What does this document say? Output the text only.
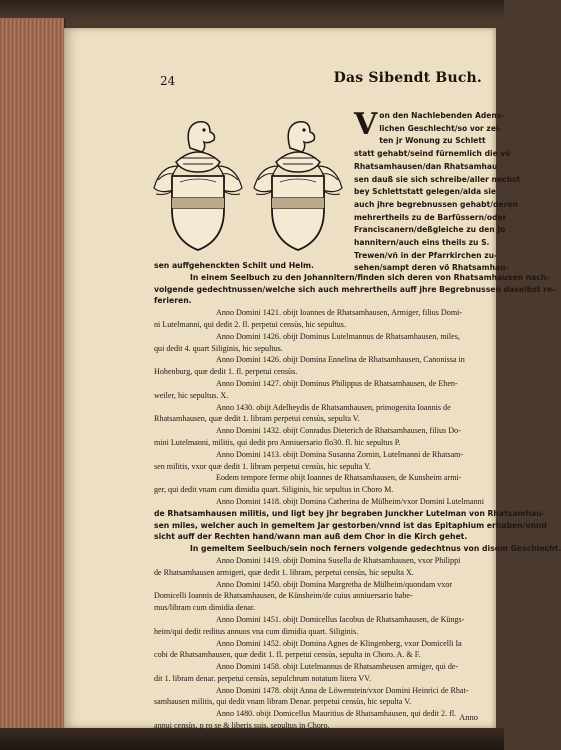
24	Das Sibendt Buch.
V on den Nachlebenden Adens-
lichen Geschlecht/so vor zei-
ten jr Wonung zu Schlett
statt gehabt/seind fürnemlich die vö
Rhatsamhausen/dan Rhatsamhau
sen dauß sie sich schreibe/aller nechst
bey Schlettstatt gelegen/alda sie
auch jhre begrebnussen gehabt/deren
mehrertheils zu de Barfüssern/oder
Franciscanern/deßgleiche zu den Jo
hannitern/auch eins theils zu S.
Trewen/vñ in der Pfarrkirchen zu-
sehen/sampt deren vö Rhatsamhau-
sen auffgehenckten Schilt und Helm.
In einem Seelbuch zu den Johannitern/finden sich deren von Rhatsamhausen nach-
volgende gedechtnussen/welche sich auch mehrertheils auff jhre Begrebnussen daselbst re-
ferieren.
Anno Domini 1421. obijt Ioannes de Rhatsamhausen, Armiger, filius Domi-
ni Lutelmanni, qui dedit 2. fl. perpetui censùs, hic sepultus.
Anno Domini 1426. obijt Dominus Lutelmannus de Rhatsamhausen, miles,
qui dedit 4. quart Siliginis, hic sepultus.
Anno Domini 1426. obijt Domina Ennelina de Rhatsamhausen, Canonissa in
Hohenburg, quæ dedit 1. fl. perpetui censùs.
Anno Domini 1427. obijt Dominus Philippus de Rhatsamhausen, de Ehen-
weiler, hic sepultus. X.
Anno 1430. obijt Adelheydis de Rhatsamhausen, primogenita Ioannis de
Rhatsamhausen, quæ dedit 1. libram perpetui censùs, sepulta V.
Anno Domini 1432. obijt Conradus Dieterich de Rhatsamhausen, filius Do-
mini Lutelmanni, militis, qui dedit pro Anniuersario flo30. fl. hic sepultus P.
Anno Domini 1413. obijt Domina Susanna Zornin, Lutelmanni de Rhatsam-
sen militis, vxor quæ dedit 1. libram perpetui censùs, hic sepulta Y.
Eodem tempore ferme obijt Ioannes de Rhatsamhausen, de Kunsheim armi-
ger, qui dedit vnam cum dimidia quart. Siliginis, hic sepultus in Choro M.
Anno Domini 1418. obijt Domina Catherina de Mülheim/vxor Domini Lutelmanni
de Rhatsamhausen militis, und ligt bey jhr begraben Junckher Lutelman von Rhatsamhau-
sen miles, welcher auch in gemeltem Jar gestorben/vnnd ist das Epitaphium erhaben/vnnd
sicht auff der Rechten hand/wann man auß dem Chor in die Kirch gehet.
In gemeltem Seelbuch/sein noch ferners volgende gedechtnus von disem Geschlecht.
Anno Domini 1419. obijt Domina Susella de Rhatsamhausen, vxor Philippi
de Rhatsamhausen armigeri, quæ dedit 1. libram, perpetui censùs, hic sepulta X.
Anno Domini 1450. obijt Domina Margretha de Mülheim/quondam vxor
Domicelli Ioannis de Rhatsamhausen, de Künsheim/de cuius anniuersario habe-
mus/libram cum dimidia denar.
Anno Domini 1451. obijt Domicellus Iacobus de Rhatsamhausen, de Küngs-
heim/qui dedit reditus annuos vna cum dimidia quart. Siliginis.
Anno Domini 1452. obijt Domina Agnes de Klingenberg, vxor Domicelli Ia
cobi de Rhatsamhausen, quæ dedit 1. fl. perpetui censùs, sepulta in Choro. A. & F.
Anno Domini 1458. obijt Lutelmannus de Rhatsamheusen armiger, qui de-
dit 1. libram denar. perpetui censùs, sepulchrum notatum litera VV.
Anno Domini 1478. obijt Anna de Löwenstein/vxor Domini Heinrici de Rhat-
samhausen militis, qui dedit vnam libram Denar. perpetui censùs, hic sepulta V.
Anno 1480. obijt Domicellus Mauritius de Rhatsamhausen, qui dedit 2. fl.
annui censùs, p ro se & liberis suis, sepultus in Choro.
Anno
